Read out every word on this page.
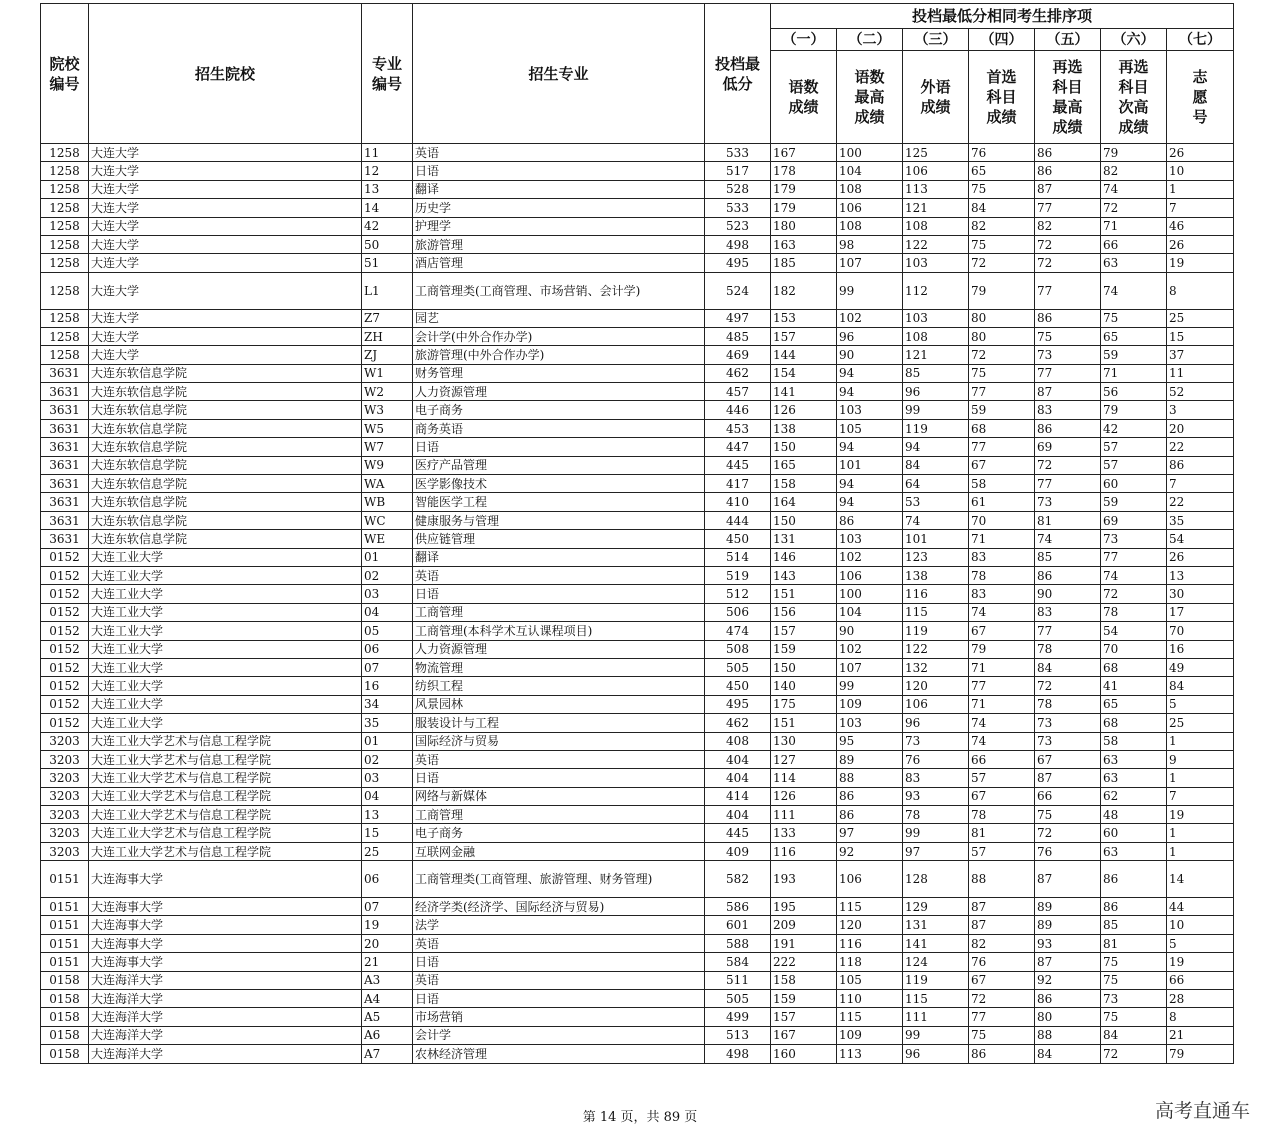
院校编号	招生院校	专业编号	招生专业	投档最低分	投档最低分相同考生排序项						
					（一）	（二）	（三）	（四）	（五）	（六）	（七）

					语数成绩	语数最高成绩	外语成绩	首选科目成绩	再选科目最高成绩	再选科目次高成绩	志愿号

1258	大连大学	11	英语	533	167	100	125	76	86	79	26
1258	大连大学	12	日语	517	178	104	106	65	86	82	10
1258	大连大学	13	翻译	528	179	108	113	75	87	74	1
1258	大连大学	14	历史学	533	179	106	121	84	77	72	7
1258	大连大学	42	护理学	523	180	108	108	82	82	71	46
1258	大连大学	50	旅游管理	498	163	98	122	75	72	66	26
1258	大连大学	51	酒店管理	495	185	107	103	72	72	63	19
1258	大连大学	L1	工商管理类(工商管理、市场营销、会计学)	524	182	99	112	79	77	74	8
1258	大连大学	Z7	园艺	497	153	102	103	80	86	75	25
1258	大连大学	ZH	会计学(中外合作办学)	485	157	96	108	80	75	65	15
1258	大连大学	ZJ	旅游管理(中外合作办学)	469	144	90	121	72	73	59	37
3631	大连东软信息学院	W1	财务管理	462	154	94	85	75	77	71	11
3631	大连东软信息学院	W2	人力资源管理	457	141	94	96	77	87	56	52
3631	大连东软信息学院	W3	电子商务	446	126	103	99	59	83	79	3
3631	大连东软信息学院	W5	商务英语	453	138	105	119	68	86	42	20
3631	大连东软信息学院	W7	日语	447	150	94	94	77	69	57	22
3631	大连东软信息学院	W9	医疗产品管理	445	165	101	84	67	72	57	86
3631	大连东软信息学院	WA	医学影像技术	417	158	94	64	58	77	60	7
3631	大连东软信息学院	WB	智能医学工程	410	164	94	53	61	73	59	22
3631	大连东软信息学院	WC	健康服务与管理	444	150	86	74	70	81	69	35
3631	大连东软信息学院	WE	供应链管理	450	131	103	101	71	74	73	54
0152	大连工业大学	01	翻译	514	146	102	123	83	85	77	26
0152	大连工业大学	02	英语	519	143	106	138	78	86	74	13
0152	大连工业大学	03	日语	512	151	100	116	83	90	72	30
0152	大连工业大学	04	工商管理	506	156	104	115	74	83	78	17
0152	大连工业大学	05	工商管理(本科学术互认课程项目)	474	157	90	119	67	77	54	70
0152	大连工业大学	06	人力资源管理	508	159	102	122	79	78	70	16
0152	大连工业大学	07	物流管理	505	150	107	132	71	84	68	49
0152	大连工业大学	16	纺织工程	450	140	99	120	77	72	41	84
0152	大连工业大学	34	风景园林	495	175	109	106	71	78	65	5
0152	大连工业大学	35	服装设计与工程	462	151	103	96	74	73	68	25
3203	大连工业大学艺术与信息工程学院	01	国际经济与贸易	408	130	95	73	74	73	58	1
3203	大连工业大学艺术与信息工程学院	02	英语	404	127	89	76	66	67	63	9
3203	大连工业大学艺术与信息工程学院	03	日语	404	114	88	83	57	87	63	1
3203	大连工业大学艺术与信息工程学院	04	网络与新媒体	414	126	86	93	67	66	62	7
3203	大连工业大学艺术与信息工程学院	13	工商管理	404	111	86	78	78	75	48	19
3203	大连工业大学艺术与信息工程学院	15	电子商务	445	133	97	99	81	72	60	1
3203	大连工业大学艺术与信息工程学院	25	互联网金融	409	116	92	97	57	76	63	1
0151	大连海事大学	06	工商管理类(工商管理、旅游管理、财务管理)	582	193	106	128	88	87	86	14
0151	大连海事大学	07	经济学类(经济学、国际经济与贸易)	586	195	115	129	87	89	86	44
0151	大连海事大学	19	法学	601	209	120	131	87	89	85	10
0151	大连海事大学	20	英语	588	191	116	141	82	93	81	5
0151	大连海事大学	21	日语	584	222	118	124	76	87	75	19
0158	大连海洋大学	A3	英语	511	158	105	119	67	92	75	66
0158	大连海洋大学	A4	日语	505	159	110	115	72	86	73	28
0158	大连海洋大学	A5	市场营销	499	157	115	111	77	80	75	8
0158	大连海洋大学	A6	会计学	513	167	109	99	75	88	84	21
0158	大连海洋大学	A7	农林经济管理	498	160	113	96	86	84	72	79
第 14 页，共 89 页	高考直通车
